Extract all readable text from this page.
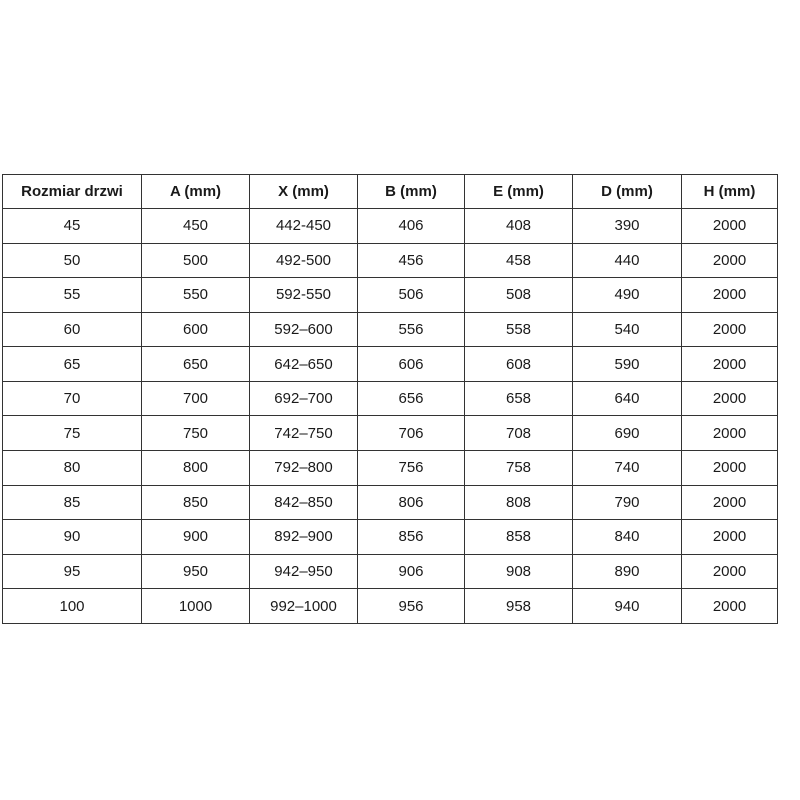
Rozmiar drzwi	A (mm)	X (mm)	B (mm)	E (mm)	D (mm)	H (mm)
45	450	442-450	406	408	390	2000
50	500	492-500	456	458	440	2000
55	550	592-550	506	508	490	2000
60	600	592–600	556	558	540	2000
65	650	642–650	606	608	590	2000
70	700	692–700	656	658	640	2000
75	750	742–750	706	708	690	2000
80	800	792–800	756	758	740	2000
85	850	842–850	806	808	790	2000
90	900	892–900	856	858	840	2000
95	950	942–950	906	908	890	2000
100	1000	992–1000	956	958	940	2000
